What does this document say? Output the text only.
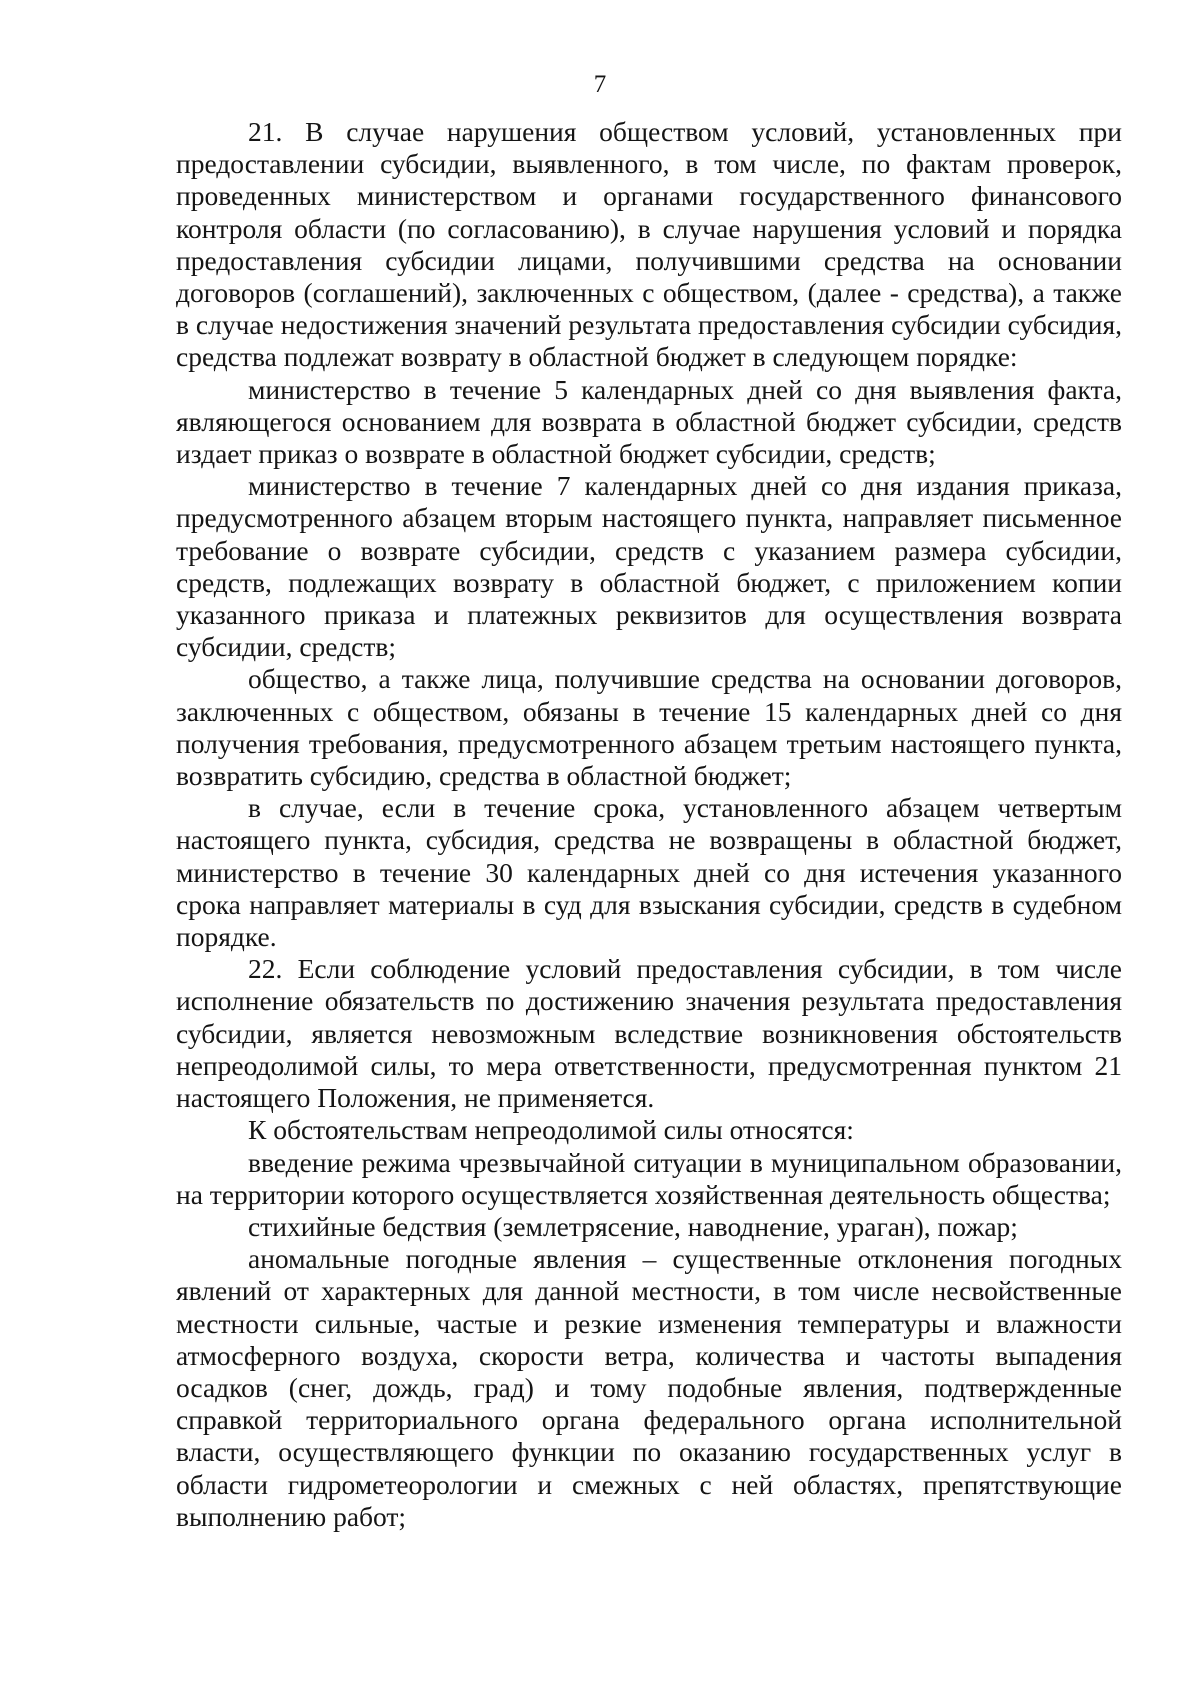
7

21. В случае нарушения обществом условий, установленных при предоставлении субсидии, выявленного, в том числе, по фактам проверок, проведенных министерством и органами государственного финансового контроля области (по согласованию), в случае нарушения условий и порядка предоставления субсидии лицами, получившими средства на основании договоров (соглашений), заключенных с обществом, (далее - средства), а также в случае недостижения значений результата предоставления субсидии субсидия, средства подлежат возврату в областной бюджет в следующем порядке:

министерство в течение 5 календарных дней со дня выявления факта, являющегося основанием для возврата в областной бюджет субсидии, средств издает приказ о возврате в областной бюджет субсидии, средств;

министерство в течение 7 календарных дней со дня издания приказа, предусмотренного абзацем вторым настоящего пункта, направляет письменное требование о возврате субсидии, средств с указанием размера субсидии, средств, подлежащих возврату в областной бюджет, с приложением копии указанного приказа и платежных реквизитов для осуществления возврата субсидии, средств;

общество, а также лица, получившие средства на основании договоров, заключенных с обществом, обязаны в течение 15 календарных дней со дня получения требования, предусмотренного абзацем третьим настоящего пункта, возвратить субсидию, средства в областной бюджет;

в случае, если в течение срока, установленного абзацем четвертым настоящего пункта, субсидия, средства не возвращены в областной бюджет, министерство в течение 30 календарных дней со дня истечения указанного срока направляет материалы в суд для взыскания субсидии, средств в судебном порядке.

22. Если соблюдение условий предоставления субсидии, в том числе исполнение обязательств по достижению значения результата предоставления субсидии, является невозможным вследствие возникновения обстоятельств непреодолимой силы, то мера ответственности, предусмотренная пунктом 21 настоящего Положения, не применяется.

К обстоятельствам непреодолимой силы относятся:

введение режима чрезвычайной ситуации в муниципальном образовании, на территории которого осуществляется хозяйственная деятельность общества;

стихийные бедствия (землетрясение, наводнение, ураган), пожар;

аномальные погодные явления – существенные отклонения погодных явлений от характерных для данной местности, в том числе несвойственные местности сильные, частые и резкие изменения температуры и влажности атмосферного воздуха, скорости ветра, количества и частоты выпадения осадков (снег, дождь, град) и тому подобные явления, подтвержденные справкой территориального органа федерального органа исполнительной власти, осуществляющего функции по оказанию государственных услуг в области гидрометеорологии и смежных с ней областях, препятствующие выполнению работ;
